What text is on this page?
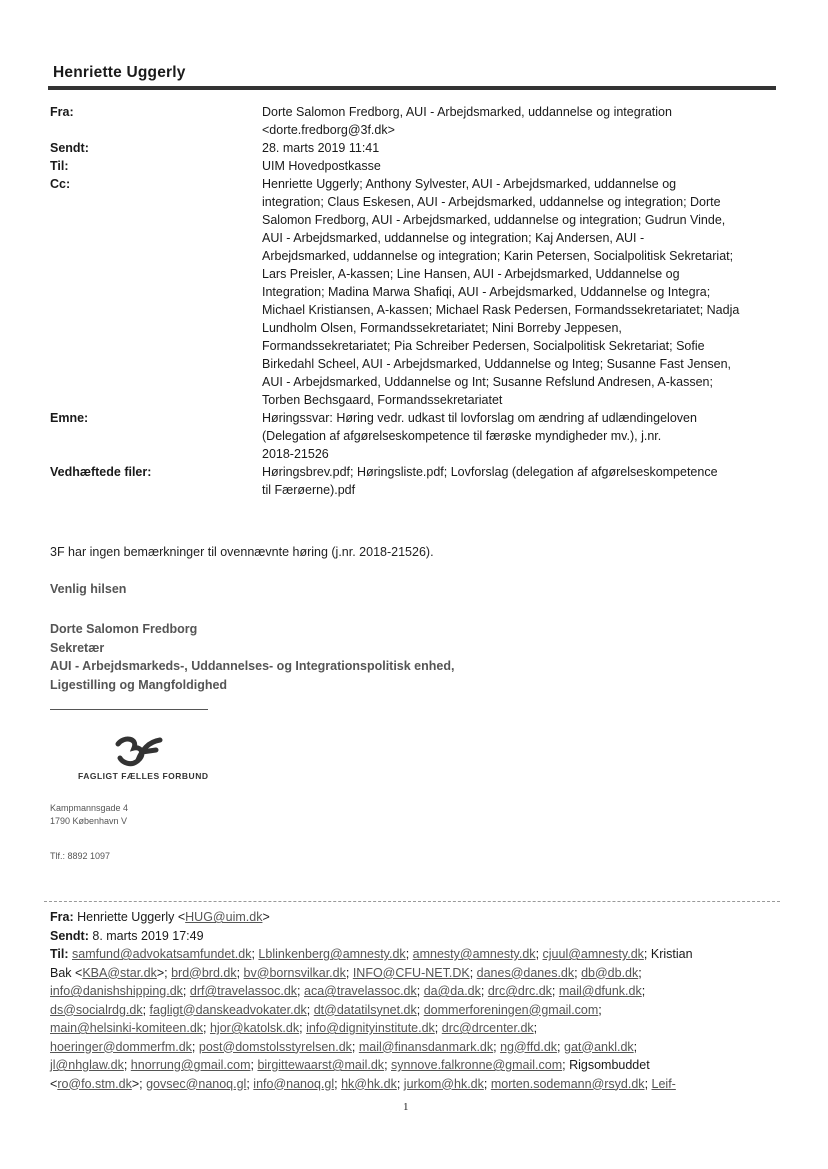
Henriette Uggerly
Fra:	Dorte Salomon Fredborg, AUI - Arbejdsmarked, uddannelse og integration
<dorte.fredborg@3f.dk>
Sendt:	28. marts 2019 11:41
Til:	UIM Hovedpostkasse
Cc:	Henriette Uggerly; Anthony Sylvester, AUI - Arbejdsmarked, uddannelse og
integration; Claus Eskesen, AUI - Arbejdsmarked, uddannelse og integration; Dorte
Salomon Fredborg, AUI - Arbejdsmarked, uddannelse og integration; Gudrun Vinde,
AUI - Arbejdsmarked, uddannelse og integration; Kaj Andersen, AUI -
Arbejdsmarked, uddannelse og integration; Karin Petersen, Socialpolitisk Sekretariat;
Lars Preisler, A-kassen; Line Hansen, AUI - Arbejdsmarked, Uddannelse og
Integration; Madina Marwa Shafiqi, AUI - Arbejdsmarked, Uddannelse og Integra;
Michael Kristiansen, A-kassen; Michael Rask Pedersen, Formandssekretariatet; Nadja
Lundholm Olsen, Formandssekretariatet; Nini Borreby Jeppesen,
Formandssekretariatet; Pia Schreiber Pedersen, Socialpolitisk Sekretariat; Sofie
Birkedahl Scheel, AUI - Arbejdsmarked, Uddannelse og Integ; Susanne Fast Jensen,
AUI - Arbejdsmarked, Uddannelse og Int; Susanne Refslund Andresen, A-kassen;
Torben Bechsgaard, Formandssekretariatet
Emne:	Høringssvar: Høring vedr. udkast til lovforslag om ændring af udlændingeloven
(Delegation af afgørelseskompetence til færøske myndigheder mv.), j.nr.
2018-21526
Vedhæftede filer:	Høringsbrev.pdf; Høringsliste.pdf; Lovforslag (delegation af afgørelseskompetence
til Færøerne).pdf
3F har ingen bemærkninger til ovennævnte høring (j.nr. 2018-21526).
Venlig hilsen
Dorte Salomon Fredborg
Sekretær
AUI - Arbejdsmarkeds-, Uddannelses- og Integrationspolitisk enhed,
Ligestilling og Mangfoldighed
FAGLIGT FÆLLES FORBUND
Kampmannsgade 4
1790 København V
Tlf.: 8892 1097
Fra: Henriette Uggerly <HUG@uim.dk>
Sendt: 8. marts 2019 17:49
Til: samfund@advokatsamfundet.dk; Lblinkenberg@amnesty.dk; amnesty@amnesty.dk; cjuul@amnesty.dk; Kristian
Bak <KBA@star.dk>; brd@brd.dk; bv@bornsvilkar.dk; INFO@CFU-NET.DK; danes@danes.dk; db@db.dk;
info@danishshipping.dk; drf@travelassoc.dk; aca@travelassoc.dk; da@da.dk; drc@drc.dk; mail@dfunk.dk;
ds@socialrdg.dk; fagligt@danskeadvokater.dk; dt@datatilsynet.dk; dommerforeningen@gmail.com;
main@helsinki-komiteen.dk; hjor@katolsk.dk; info@dignityinstitute.dk; drc@drcenter.dk;
hoeringer@dommerfm.dk; post@domstolsstyrelsen.dk; mail@finansdanmark.dk; ng@ffd.dk; gat@ankl.dk;
jl@nhglaw.dk; hnorrung@gmail.com; birgittewaarst@mail.dk; synnove.falkronne@gmail.com; Rigsombuddet
<ro@fo.stm.dk>; govsec@nanoq.gl; info@nanoq.gl; hk@hk.dk; jurkom@hk.dk; morten.sodemann@rsyd.dk; Leif-
1
